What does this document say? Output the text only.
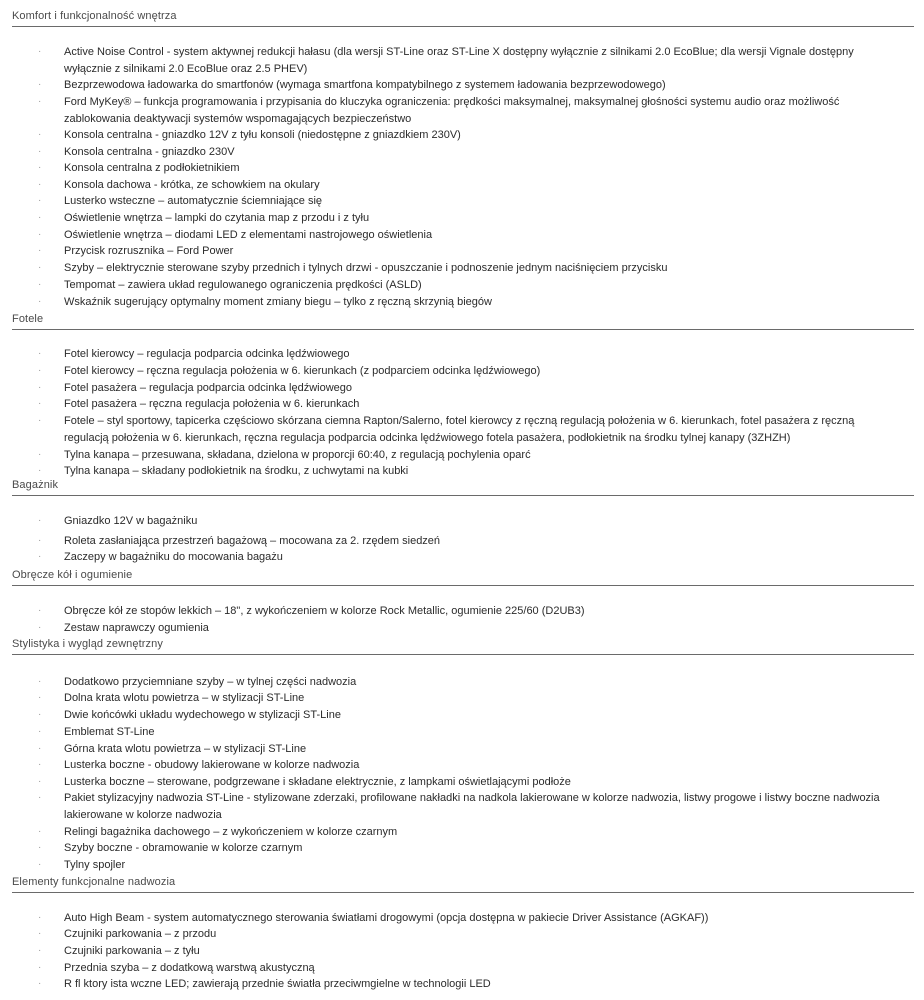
Komfort i funkcjonalność wnętrza
· Active Noise Control - system aktywnej redukcji hałasu (dla wersji ST-Line oraz ST-Line X dostępny wyłącznie z silnikami 2.0 EcoBlue; dla wersji Vignale dostępny wyłącznie z silnikami 2.0 EcoBlue oraz 2.5 PHEV)
· Bezprzewodowa ładowarka do smartfonów (wymaga smartfona kompatybilnego z systemem ładowania bezprzewodowego)
· Ford MyKey® – funkcja programowania i przypisania do kluczyka ograniczenia: prędkości maksymalnej, maksymalnej głośności systemu audio oraz możliwość zablokowania deaktywacji systemów wspomagających bezpieczeństwo
· Konsola centralna - gniazdko 12V z tyłu konsoli (niedostępne z gniazdkiem 230V)
· Konsola centralna - gniazdko 230V
· Konsola centralna z podłokietnikiem
· Konsola dachowa - krótka, ze schowkiem na okulary
· Lusterko wsteczne – automatycznie ściemniające się
· Oświetlenie wnętrza – lampki do czytania map z przodu i z tyłu
· Oświetlenie wnętrza – diodami LED z elementami nastrojowego oświetlenia
· Przycisk rozrusznika – Ford Power
· Szyby – elektrycznie sterowane szyby przednich i tylnych drzwi - opuszczanie i podnoszenie jednym naciśnięciem przycisku
· Tempomat – zawiera układ regulowanego ograniczenia prędkości (ASLD)
· Wskaźnik sugerujący optymalny moment zmiany biegu – tylko z ręczną skrzynią biegów
Fotele
· Fotel kierowcy – regulacja podparcia odcinka lędźwiowego
· Fotel kierowcy – ręczna regulacja położenia w 6. kierunkach (z podparciem odcinka lędźwiowego)
· Fotel pasażera – regulacja podparcia odcinka lędźwiowego
· Fotel pasażera – ręczna regulacja położenia w 6. kierunkach
· Fotele – styl sportowy, tapicerka częściowo skórzana ciemna Rapton/Salerno, fotel kierowcy z ręczną regulacją położenia w 6. kierunkach, fotel pasażera z ręczną regulacją położenia w 6. kierunkach, ręczna regulacja podparcia odcinka lędźwiowego fotela pasażera, podłokietnik na środku tylnej kanapy (3ZHZH)
· Tylna kanapa – przesuwana, składana, dzielona w proporcji 60:40, z regulacją pochylenia oparć
· Tylna kanapa – składany podłokietnik na środku, z uchwytami na kubki
Bagażnik
· Gniazdko 12V w bagażniku
· Roleta zasłaniająca przestrzeń bagażową – mocowana za 2. rzędem siedzeń
· Zaczepy w bagażniku do mocowania bagażu
Obręcze kół i ogumienie
· Obręcze kół ze stopów lekkich – 18", z wykończeniem w kolorze Rock Metallic, ogumienie 225/60 (D2UB3)
· Zestaw naprawczy ogumienia
Stylistyka i wygląd zewnętrzny
· Dodatkowo przyciemniane szyby – w tylnej części nadwozia
· Dolna krata wlotu powietrza – w stylizacji ST-Line
· Dwie końcówki układu wydechowego w stylizacji ST-Line
· Emblemat ST-Line
· Górna krata wlotu powietrza – w stylizacji ST-Line
· Lusterka boczne - obudowy lakierowane w kolorze nadwozia
· Lusterka boczne – sterowane, podgrzewane i składane elektrycznie, z lampkami oświetlającymi podłoże
· Pakiet stylizacyjny nadwozia ST-Line - stylizowane zderzaki, profilowane nakładki na nadkola lakierowane w kolorze nadwozia, listwy progowe i listwy boczne nadwozia lakierowane w kolorze nadwozia
· Relingi bagażnika dachowego – z wykończeniem w kolorze czarnym
· Szyby boczne - obramowanie w kolorze czarnym
· Tylny spojler
Elementy funkcjonalne nadwozia
· Auto High Beam - system automatycznego sterowania światłami drogowymi (opcja dostępna w pakiecie Driver Assistance (AGKAF))
· Czujniki parkowania – z przodu
· Czujniki parkowania – z tyłu
· Przednia szyba – z dodatkową warstwą akustyczną
· R fl ktory ista wczne LED; zawierają przednie światła przeciwmgielne w technologii LED
